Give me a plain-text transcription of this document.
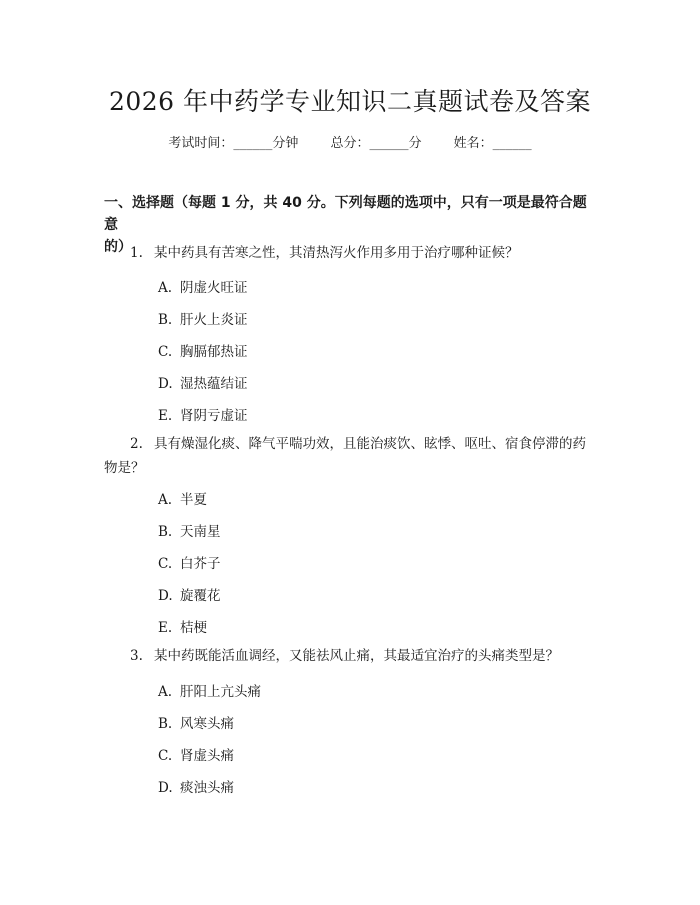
2026 年中药学专业知识二真题试卷及答案
考试时间：______分钟 总分：______分 姓名：______
一、选择题（每题 1 分，共 40 分。下列每题的选项中，只有一项是最符合题意
的）
1. 某中药具有苦寒之性，其清热泻火作用多用于治疗哪种证候？
A. 阴虚火旺证
B. 肝火上炎证
C. 胸膈郁热证
D. 湿热蕴结证
E. 肾阴亏虚证
2. 具有燥湿化痰、降气平喘功效，且能治痰饮、眩悸、呕吐、宿食停滞的药
物是？
A. 半夏
B. 天南星
C. 白芥子
D. 旋覆花
E. 桔梗
3. 某中药既能活血调经，又能祛风止痛，其最适宜治疗的头痛类型是？
A. 肝阳上亢头痛
B. 风寒头痛
C. 肾虚头痛
D. 痰浊头痛
